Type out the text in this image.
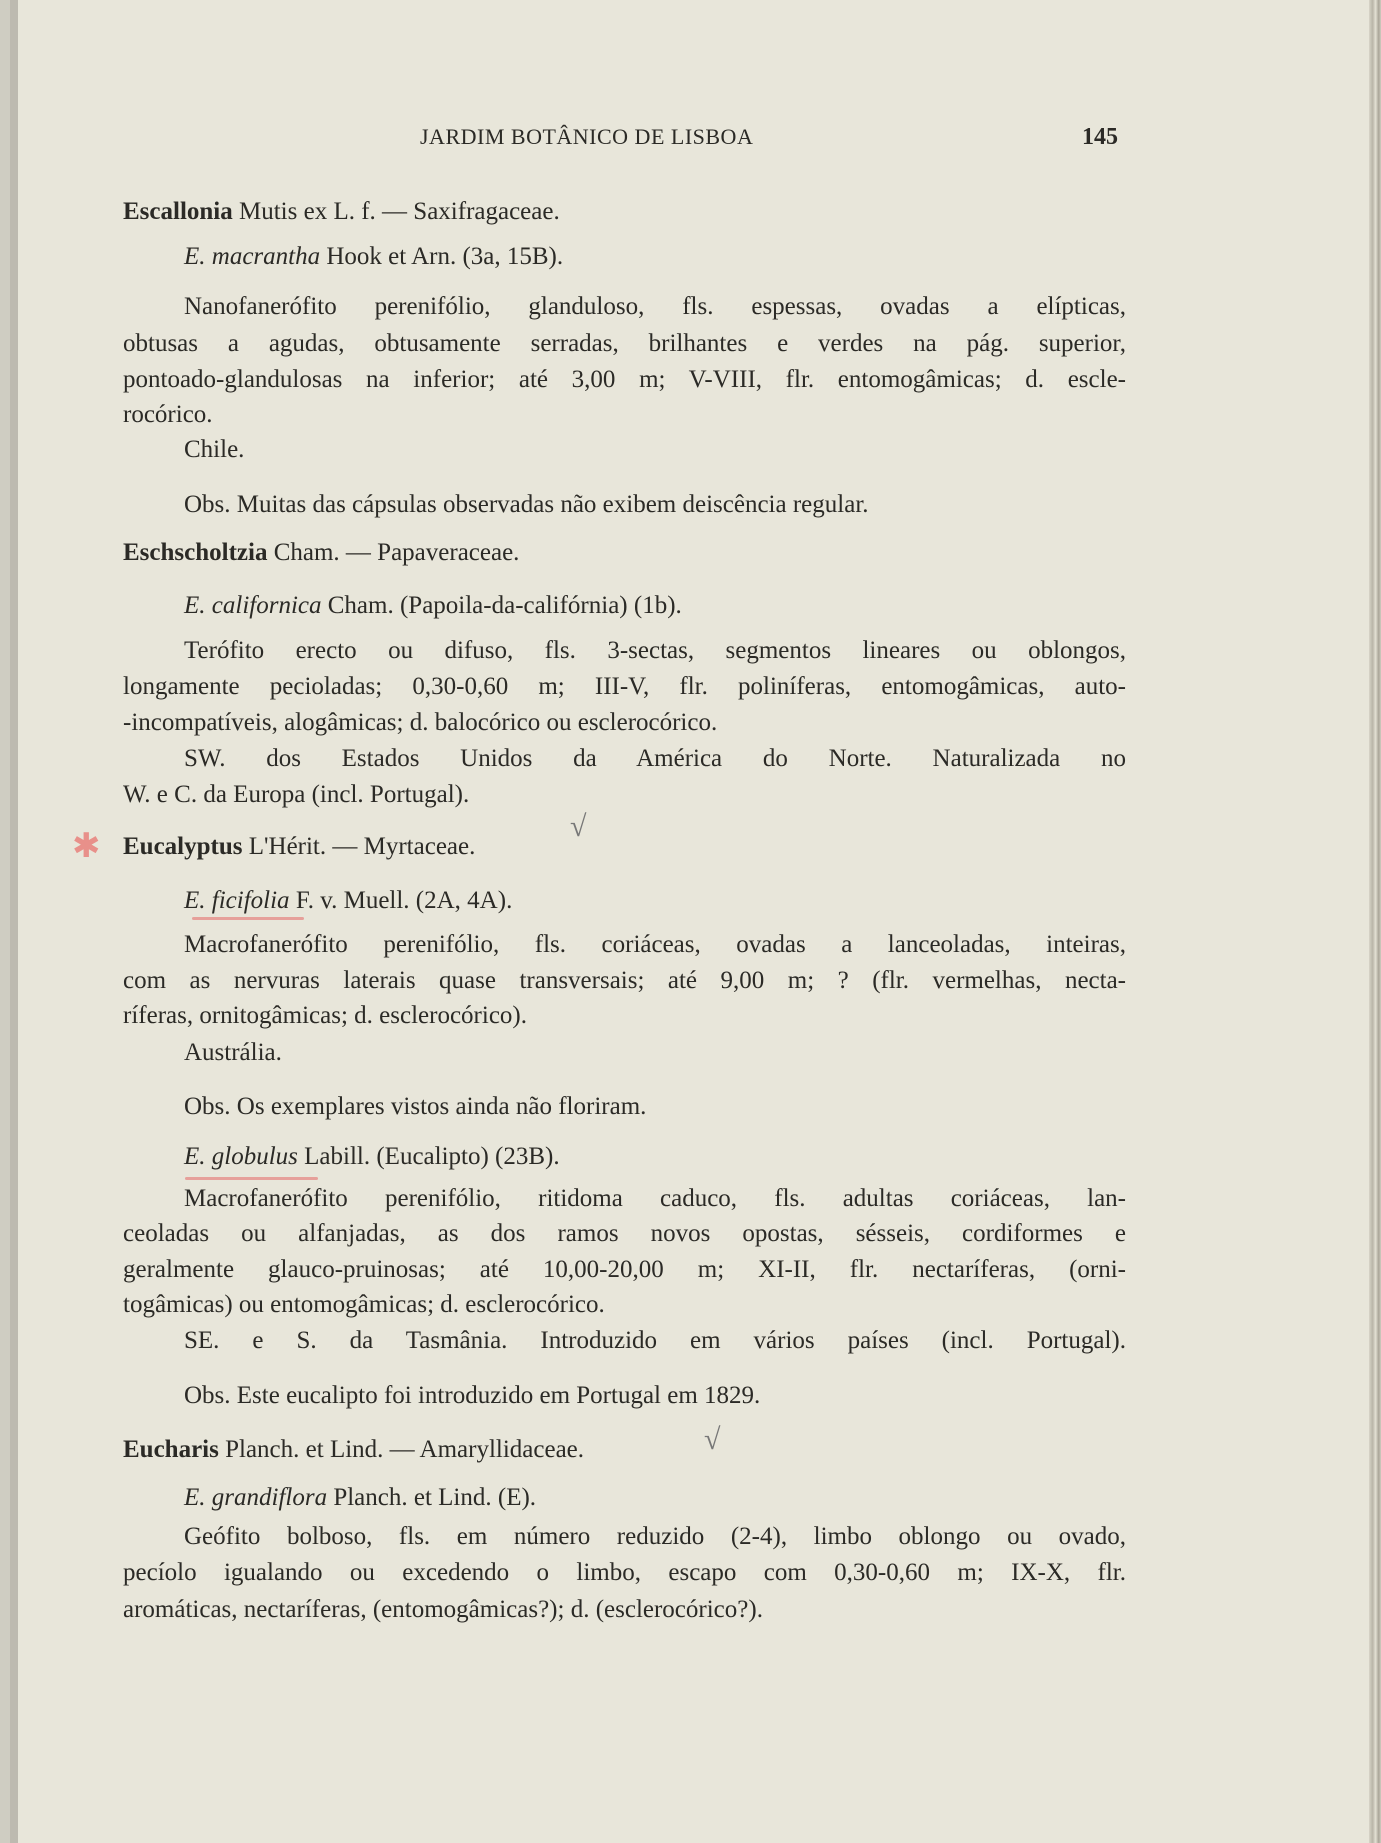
JARDIM BOTÂNICO DE LISBOA	145
Escallonia Mutis ex L. f. — Saxifragaceae.
E. macrantha Hook et Arn. (3a, 15B).
Nanofanerófito perenifólio, glanduloso, fls. espessas, ovadas a elípticas,
obtusas a agudas, obtusamente serradas, brilhantes e verdes na pág. superior,
pontoado-glandulosas na inferior; até 3,00 m; V-VIII, flr. entomogâmicas; d. escle-
rocórico.
Chile.
Obs. Muitas das cápsulas observadas não exibem deiscência regular.
Eschscholtzia Cham. — Papaveraceae.
E. californica Cham. (Papoila-da-califórnia) (1b).
Terófito erecto ou difuso, fls. 3-sectas, segmentos lineares ou oblongos,
longamente pecioladas; 0,30-0,60 m; III-V, flr. poliníferas, entomogâmicas, auto-
-incompatíveis, alogâmicas; d. balocórico ou esclerocórico.
SW. dos Estados Unidos da América do Norte. Naturalizada no
W. e C. da Europa (incl. Portugal).
✱ Eucalyptus L'Hérit. — Myrtaceae.
√
E. ficifolia F. v. Muell. (2A, 4A).
Macrofanerófito perenifólio, fls. coriáceas, ovadas a lanceoladas, inteiras,
com as nervuras laterais quase transversais; até 9,00 m; ? (flr. vermelhas, necta-
ríferas, ornitogâmicas; d. esclerocórico).
Austrália.
Obs. Os exemplares vistos ainda não floriram.
E. globulus Labill. (Eucalipto) (23B).
Macrofanerófito perenifólio, ritidoma caduco, fls. adultas coriáceas, lan-
ceoladas ou alfanjadas, as dos ramos novos opostas, sésseis, cordiformes e
geralmente glauco-pruinosas; até 10,00-20,00 m; XI-II, flr. nectaríferas, (orni-
togâmicas) ou entomogâmicas; d. esclerocórico.
SE. e S. da Tasmânia. Introduzido em vários países (incl. Portugal).
Obs. Este eucalipto foi introduzido em Portugal em 1829.
Eucharis Planch. et Lind. — Amaryllidaceae.	√
E. grandiflora Planch. et Lind. (E).
Geófito bolboso, fls. em número reduzido (2-4), limbo oblongo ou ovado,
pecíolo igualando ou excedendo o limbo, escapo com 0,30-0,60 m; IX-X, flr.
aromáticas, nectaríferas, (entomogâmicas?); d. (esclerocórico?).
